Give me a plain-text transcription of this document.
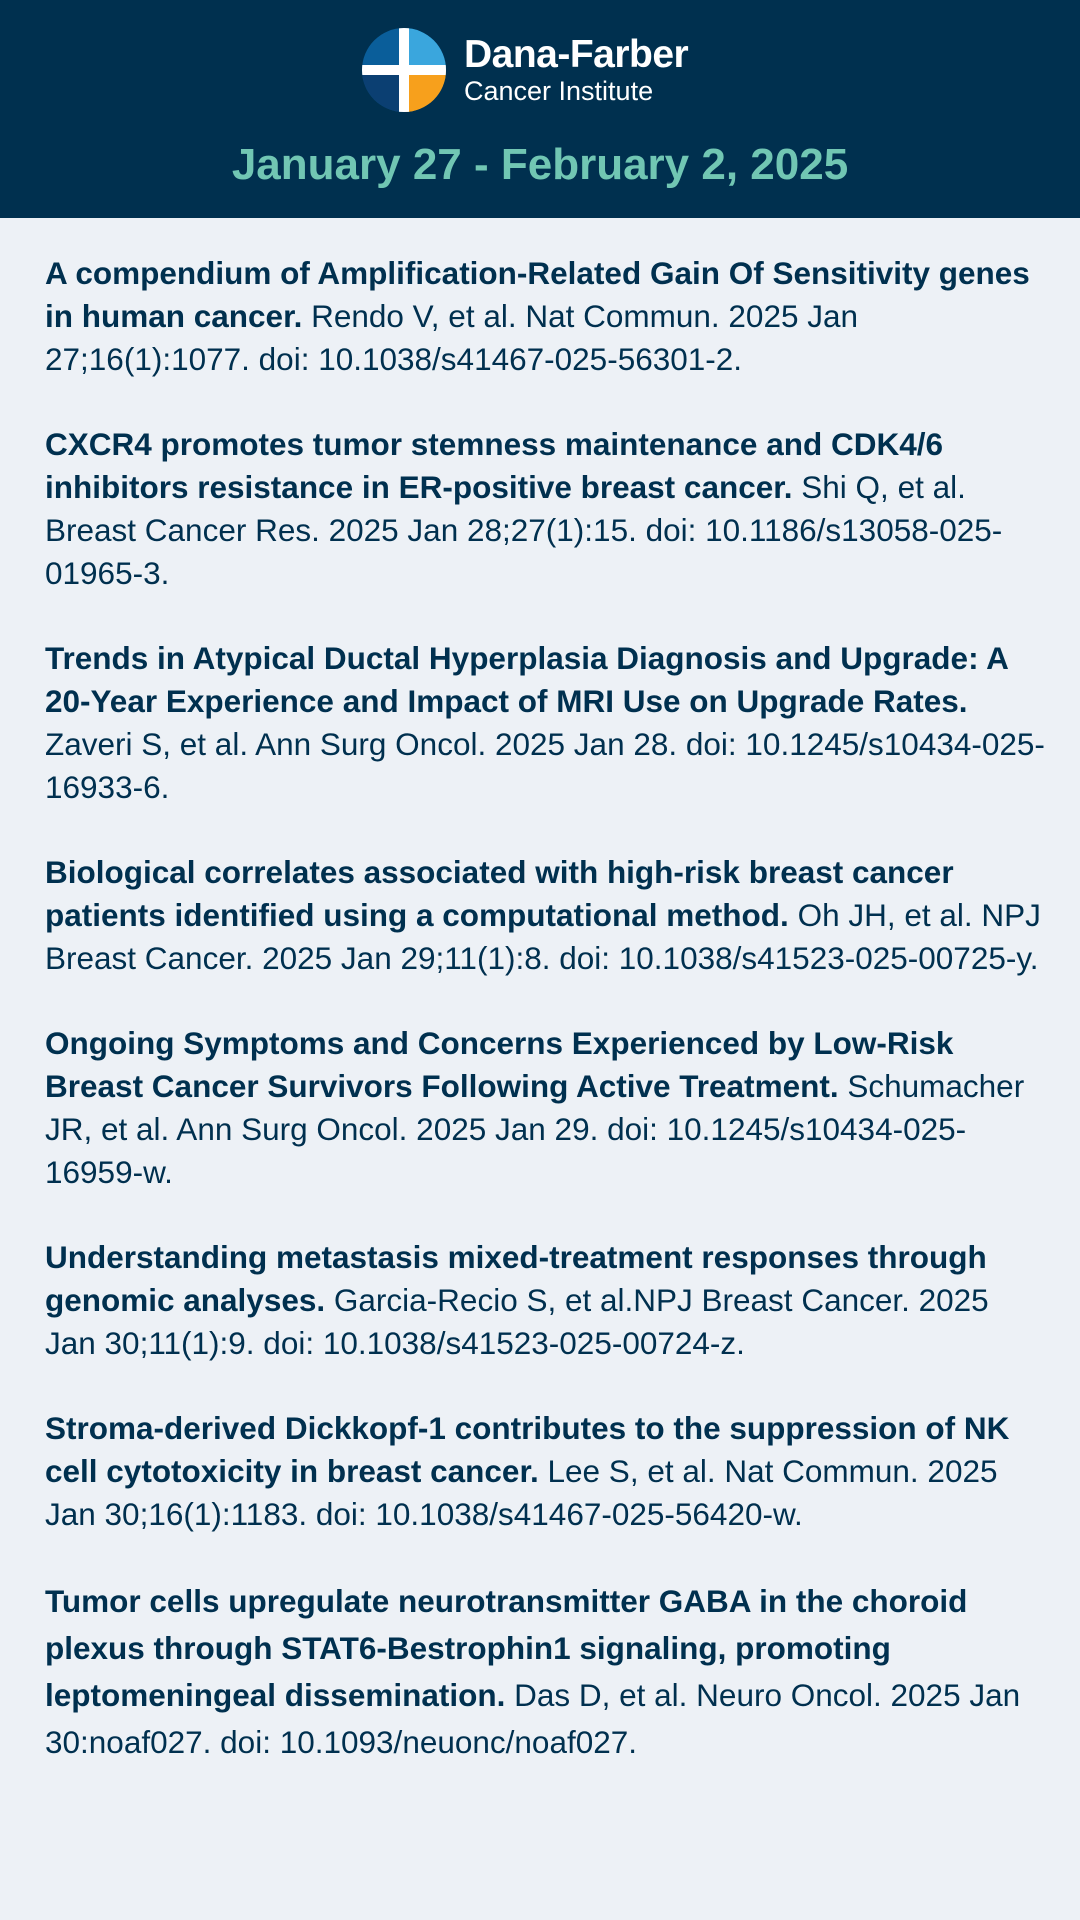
Dana-Farber
Cancer Institute
January 27 - February 2, 2025
A compendium of Amplification-Related Gain Of Sensitivity genes in human cancer. Rendo V, et al. Nat Commun. 2025 Jan 27;16(1):1077. doi: 10.1038/s41467-025-56301-2.
CXCR4 promotes tumor stemness maintenance and CDK4/6 inhibitors resistance in ER-positive breast cancer. Shi Q, et al. Breast Cancer Res. 2025 Jan 28;27(1):15. doi: 10.1186/s13058-025-01965-3.
Trends in Atypical Ductal Hyperplasia Diagnosis and Upgrade: A 20-Year Experience and Impact of MRI Use on Upgrade Rates. Zaveri S, et al. Ann Surg Oncol. 2025 Jan 28. doi: 10.1245/s10434-025-16933-6.
Biological correlates associated with high-risk breast cancer patients identified using a computational method. Oh JH, et al. NPJ Breast Cancer. 2025 Jan 29;11(1):8. doi: 10.1038/s41523-025-00725-y.
Ongoing Symptoms and Concerns Experienced by Low-Risk Breast Cancer Survivors Following Active Treatment. Schumacher JR, et al. Ann Surg Oncol. 2025 Jan 29. doi: 10.1245/s10434-025-16959-w.
Understanding metastasis mixed-treatment responses through genomic analyses. Garcia-Recio S, et al.NPJ Breast Cancer. 2025 Jan 30;11(1):9. doi: 10.1038/s41523-025-00724-z.
Stroma-derived Dickkopf-1 contributes to the suppression of NK cell cytotoxicity in breast cancer. Lee S, et al. Nat Commun. 2025 Jan 30;16(1):1183. doi: 10.1038/s41467-025-56420-w.
Tumor cells upregulate neurotransmitter GABA in the choroid plexus through STAT6-Bestrophin1 signaling, promoting leptomeningeal dissemination. Das D, et al. Neuro Oncol. 2025 Jan 30:noaf027. doi: 10.1093/neuonc/noaf027.
